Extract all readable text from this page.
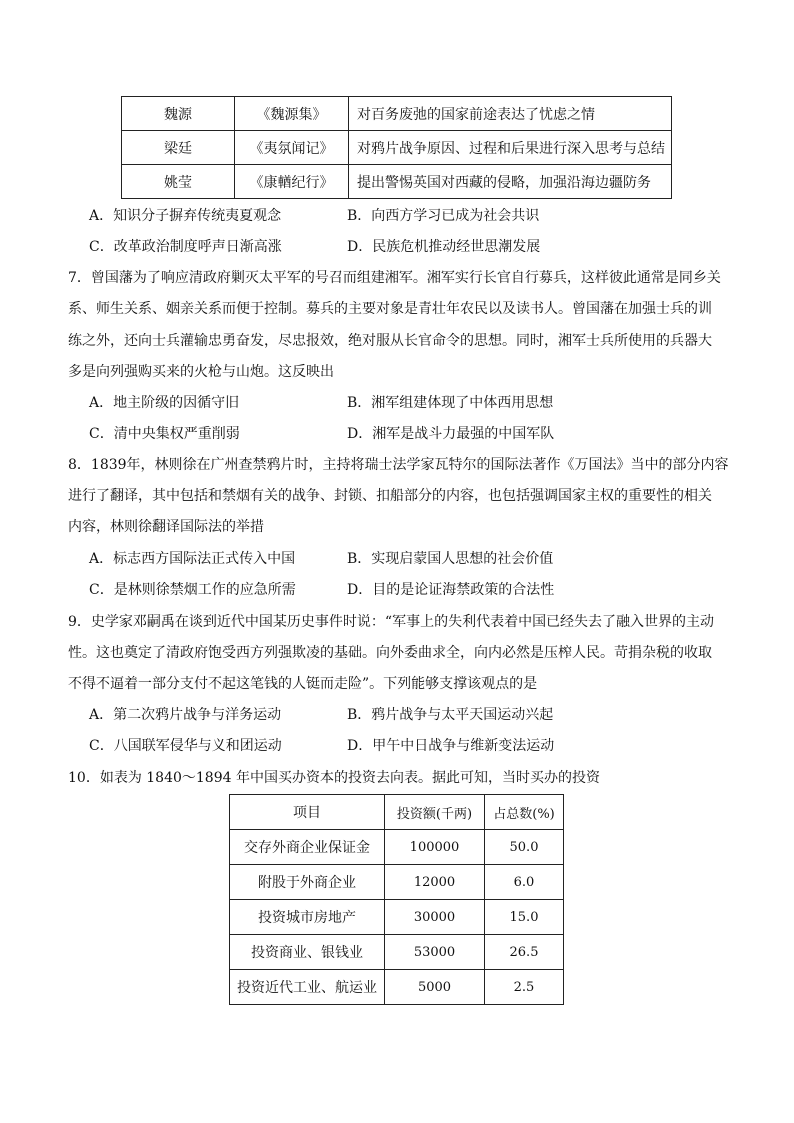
魏源	《魏源集》	对百务废弛的国家前途表达了忧虑之情
梁廷	《夷氛闻记》	对鸦片战争原因、过程和后果进行深入思考与总结
姚莹	《康輶纪行》	提出警惕英国对西藏的侵略，加强沿海边疆防务
A．知识分子摒弃传统夷夏观念	B．向西方学习已成为社会共识
C．改革政治制度呼声日渐高涨	D．民族危机推动经世思潮发展
7．曾国藩为了响应清政府剿灭太平军的号召而组建湘军。湘军实行长官自行募兵，这样彼此通常是同乡关
系、师生关系、姻亲关系而便于控制。募兵的主要对象是青壮年农民以及读书人。曾国藩在加强士兵的训
练之外，还向士兵灌输忠勇奋发，尽忠报效，绝对服从长官命令的思想。同时，湘军士兵所使用的兵器大
多是向列强购买来的火枪与山炮。这反映出
A．地主阶级的因循守旧	B．湘军组建体现了中体西用思想
C．清中央集权严重削弱	D．湘军是战斗力最强的中国军队
8．1839年，林则徐在广州查禁鸦片时，主持将瑞士法学家瓦特尔的国际法著作《万国法》当中的部分内容
进行了翻译，其中包括和禁烟有关的战争、封锁、扣船部分的内容，也包括强调国家主权的重要性的相关
内容，林则徐翻译国际法的举措
A．标志西方国际法正式传入中国	B．实现启蒙国人思想的社会价值
C．是林则徐禁烟工作的应急所需	D．目的是论证海禁政策的合法性
9．史学家邓嗣禹在谈到近代中国某历史事件时说：“军事上的失利代表着中国已经失去了融入世界的主动
性。这也奠定了清政府饱受西方列强欺凌的基础。向外委曲求全，向内必然是压榨人民。苛捐杂税的收取
不得不逼着一部分支付不起这笔钱的人铤而走险”。下列能够支撑该观点的是
A．第二次鸦片战争与洋务运动	B．鸦片战争与太平天国运动兴起
C．八国联军侵华与义和团运动	D．甲午中日战争与维新变法运动
10．如表为 1840～1894 年中国买办资本的投资去向表。据此可知，当时买办的投资
项目	投资额(千两)	占总数(%)
交存外商企业保证金	100000	50.0
附股于外商企业	12000	6.0
投资城市房地产	30000	15.0
投资商业、银钱业	53000	26.5
投资近代工业、航运业	5000	2.5
